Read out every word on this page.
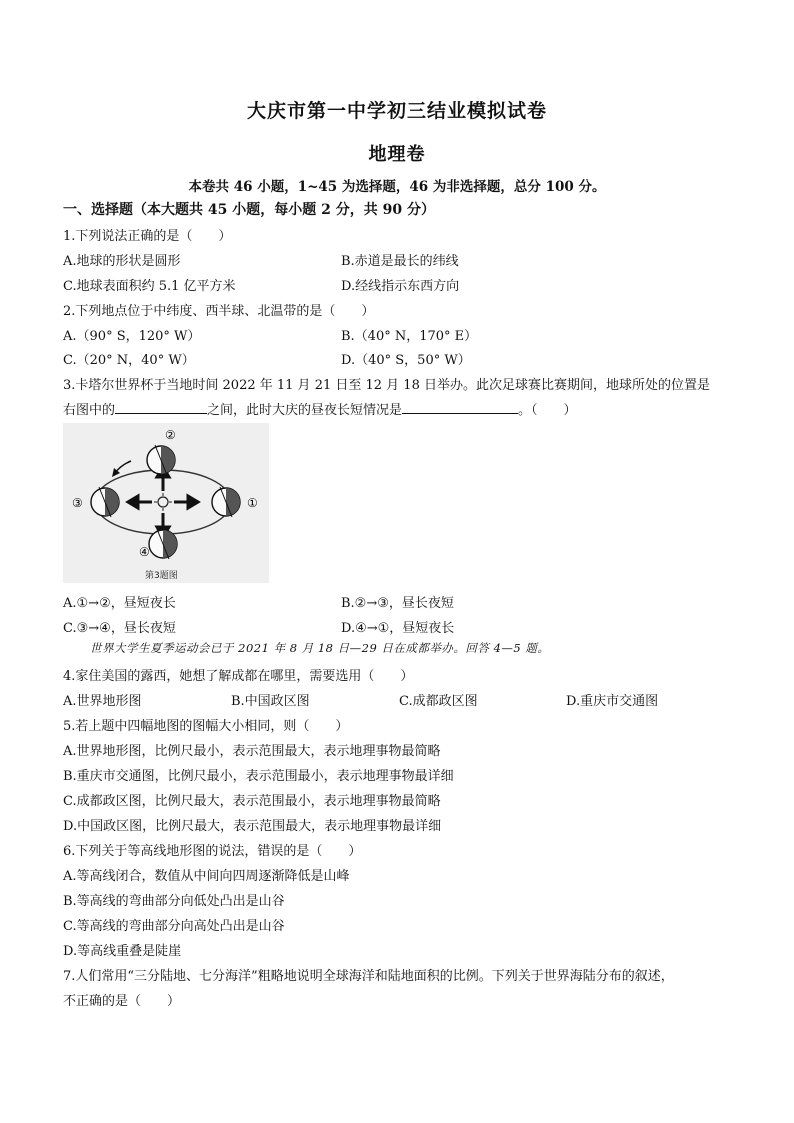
大庆市第一中学初三结业模拟试卷
地理卷
本卷共 46 小题，1~45 为选择题，46 为非选择题，总分 100 分。
一、选择题（本大题共 45 小题，每小题 2 分，共 90 分）
1.下列说法正确的是（　　）
A.地球的形状是圆形	B.赤道是最长的纬线
C.地球表面积约 5.1 亿平方米	D.经线指示东西方向
2.下列地点位于中纬度、西半球、北温带的是（　　）
A.（90° S，120° W）	B.（40° N，170° E）
C.（20° N，40° W）	D.（40° S，50° W）
3.卡塔尔世界杯于当地时间 2022 年 11 月 21 日至 12 月 18 日举办。此次足球赛比赛期间，地球所处的位置是
右图中的	之间，此时大庆的昼夜长短情况是	。（　　）
①
②
③
④
第3题图
A.①→②，昼短夜长	B.②→③，昼长夜短
C.③→④，昼长夜短	D.④→①，昼短夜长
世界大学生夏季运动会已于 2021 年 8 月 18 日—29 日在成都举办。回答 4—5 题。
4.家住美国的露西，她想了解成都在哪里，需要选用（　　）
A.世界地形图	B.中国政区图	C.成都政区图	D.重庆市交通图
5.若上题中四幅地图的图幅大小相同，则（　　）
A.世界地形图，比例尺最小，表示范围最大，表示地理事物最简略
B.重庆市交通图，比例尺最小，表示范围最小，表示地理事物最详细
C.成都政区图，比例尺最大，表示范围最小，表示地理事物最简略
D.中国政区图，比例尺最大，表示范围最大，表示地理事物最详细
6.下列关于等高线地形图的说法，错误的是（　　）
A.等高线闭合，数值从中间向四周逐渐降低是山峰
B.等高线的弯曲部分向低处凸出是山谷
C.等高线的弯曲部分向高处凸出是山谷
D.等高线重叠是陡崖
7.人们常用“三分陆地、七分海洋”粗略地说明全球海洋和陆地面积的比例。下列关于世界海陆分布的叙述，
不正确的是（　　）
